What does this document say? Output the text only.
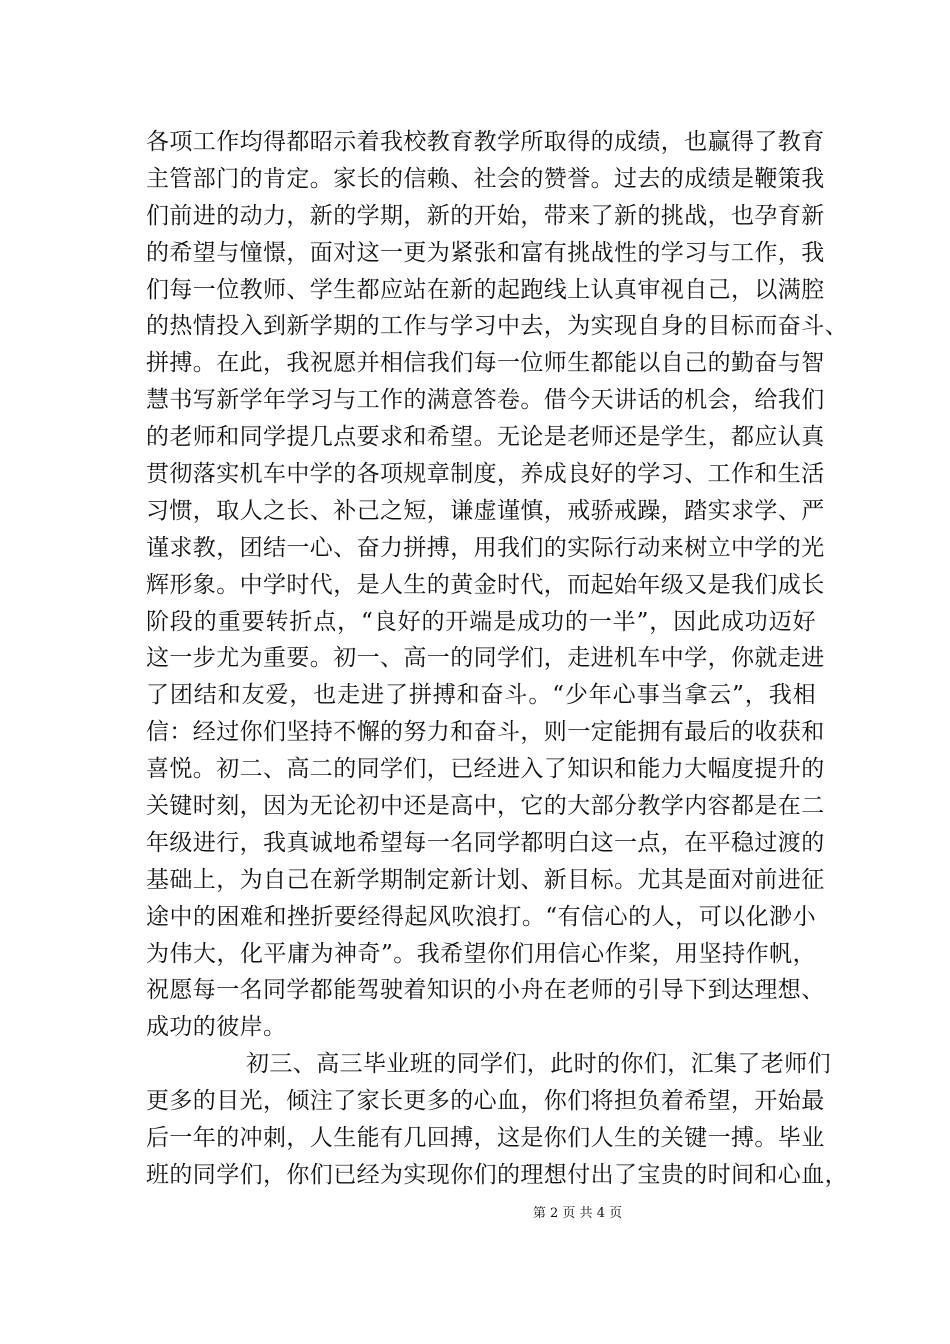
各项工作均得都昭示着我校教育教学所取得的成绩，也赢得了教育
主管部门的肯定。家长的信赖、社会的赞誉。过去的成绩是鞭策我
们前进的动力，新的学期，新的开始，带来了新的挑战，也孕育新
的希望与憧憬，面对这一更为紧张和富有挑战性的学习与工作，我
们每一位教师、学生都应站在新的起跑线上认真审视自己，以满腔
的热情投入到新学期的工作与学习中去，为实现自身的目标而奋斗、
拼搏。在此，我祝愿并相信我们每一位师生都能以自己的勤奋与智
慧书写新学年学习与工作的满意答卷。借今天讲话的机会，给我们
的老师和同学提几点要求和希望。无论是老师还是学生，都应认真
贯彻落实机车中学的各项规章制度，养成良好的学习、工作和生活
习惯，取人之长、补己之短，谦虚谨慎，戒骄戒躁，踏实求学、严
谨求教，团结一心、奋力拼搏，用我们的实际行动来树立中学的光
辉形象。中学时代，是人生的黄金时代，而起始年级又是我们成长
阶段的重要转折点，“良好的开端是成功的一半”，因此成功迈好
这一步尤为重要。初一、高一的同学们，走进机车中学，你就走进
了团结和友爱，也走进了拼搏和奋斗。“少年心事当拿云”，我相
信：经过你们坚持不懈的努力和奋斗，则一定能拥有最后的收获和
喜悦。初二、高二的同学们，已经进入了知识和能力大幅度提升的
关键时刻，因为无论初中还是高中，它的大部分教学内容都是在二
年级进行，我真诚地希望每一名同学都明白这一点，在平稳过渡的
基础上，为自己在新学期制定新计划、新目标。尤其是面对前进征
途中的困难和挫折要经得起风吹浪打。“有信心的人，可以化渺小
为伟大，化平庸为神奇”。我希望你们用信心作桨，用坚持作帆，
祝愿每一名同学都能驾驶着知识的小舟在老师的引导下到达理想、
成功的彼岸。
初三、高三毕业班的同学们，此时的你们，汇集了老师们
更多的目光，倾注了家长更多的心血，你们将担负着希望，开始最
后一年的冲刺，人生能有几回搏，这是你们人生的关键一搏。毕业
班的同学们，你们已经为实现你们的理想付出了宝贵的时间和心血，
第 2 页 共 4 页
